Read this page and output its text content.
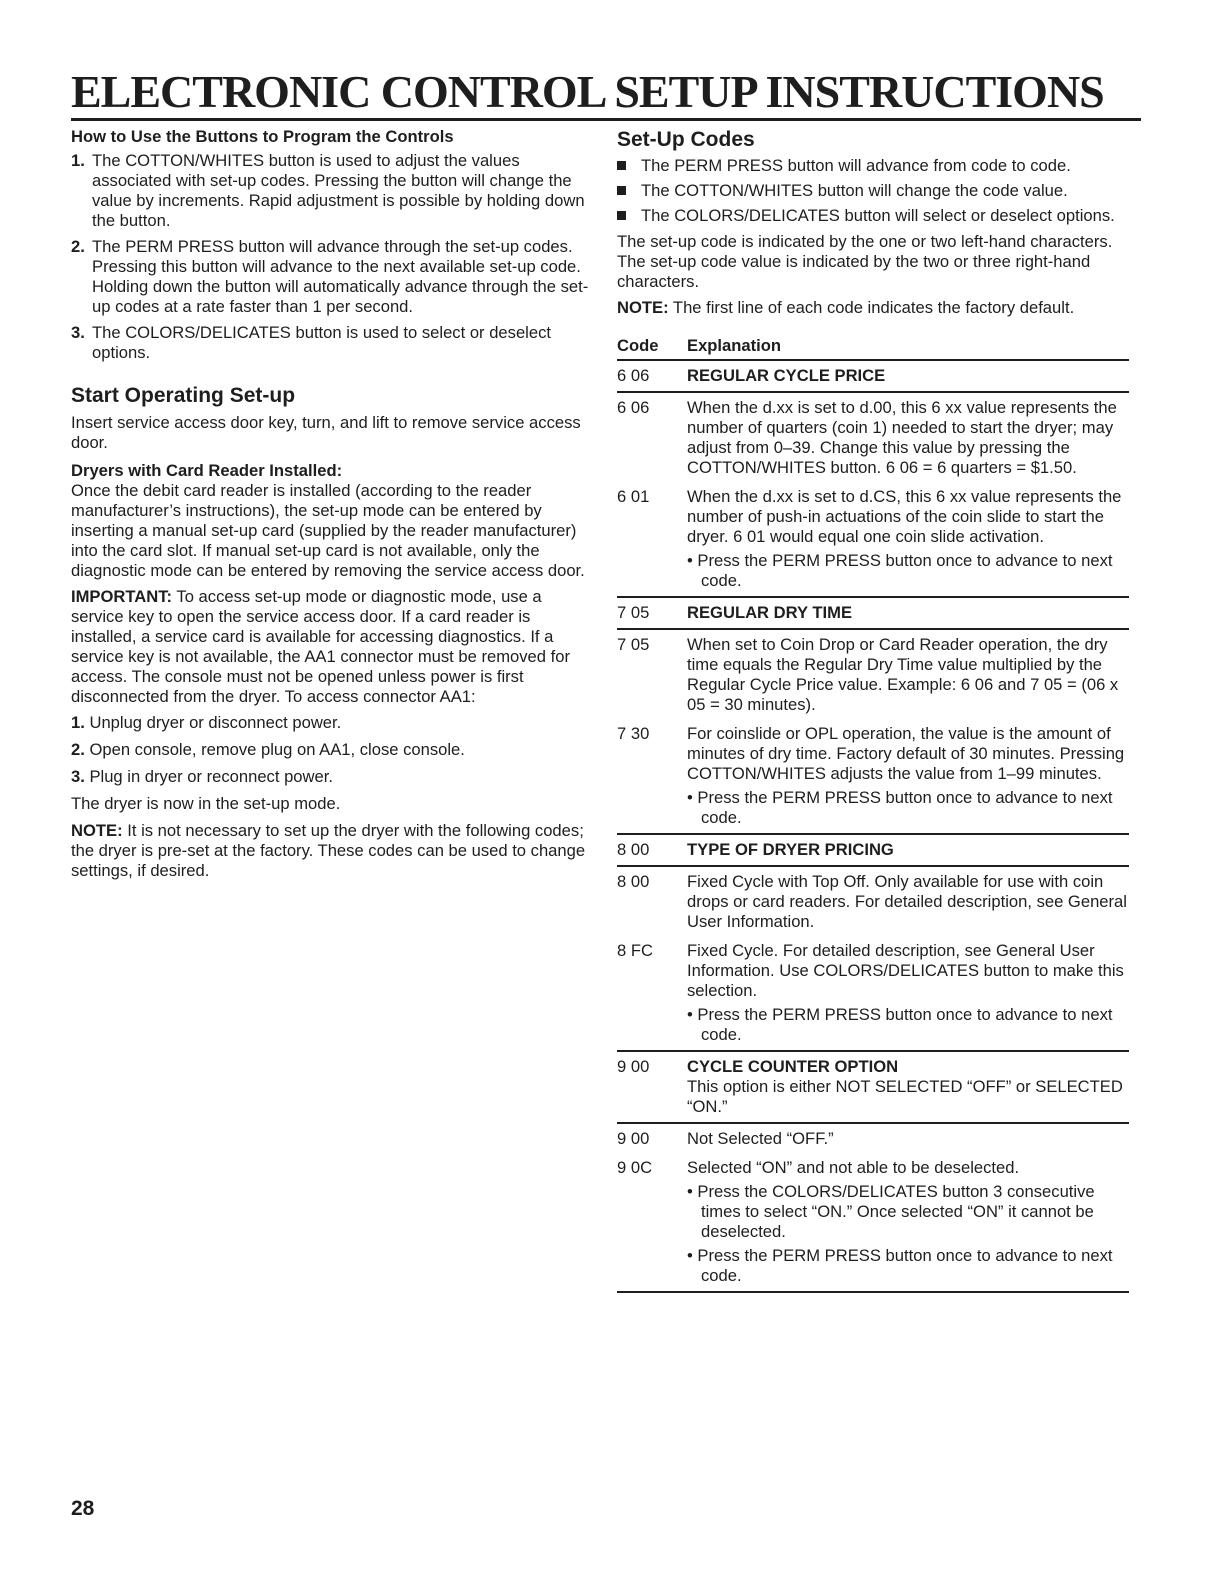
ELECTRONIC CONTROL SETUP INSTRUCTIONS

How to Use the Buttons to Program the Controls

1. The COTTON/WHITES button is used to adjust the values associated with set-up codes. Pressing the button will change the value by increments. Rapid adjustment is possible by holding down the button.
2. The PERM PRESS button will advance through the set-up codes. Pressing this button will advance to the next available set-up code. Holding down the button will automatically advance through the set-up codes at a rate faster than 1 per second.
3. The COLORS/DELICATES button is used to select or deselect options.

Start Operating Set-up

Insert service access door key, turn, and lift to remove service access door.

Dryers with Card Reader Installed:

Once the debit card reader is installed (according to the reader manufacturer’s instructions), the set-up mode can be entered by inserting a manual set-up card (supplied by the reader manufacturer) into the card slot. If manual set-up card is not available, only the diagnostic mode can be entered by removing the service access door.

IMPORTANT: To access set-up mode or diagnostic mode, use a service key to open the service access door. If a card reader is installed, a service card is available for accessing diagnostics. If a service key is not available, the AA1 connector must be removed for access. The console must not be opened unless power is first disconnected from the dryer. To access connector AA1:

1. Unplug dryer or disconnect power.
2. Open console, remove plug on AA1, close console.
3. Plug in dryer or reconnect power.

The dryer is now in the set-up mode.

NOTE: It is not necessary to set up the dryer with the following codes; the dryer is pre-set at the factory. These codes can be used to change settings, if desired.

Set-Up Codes

The PERM PRESS button will advance from code to code.
The COTTON/WHITES button will change the code value.
The COLORS/DELICATES button will select or deselect options.

The set-up code is indicated by the one or two left-hand characters. The set-up code value is indicated by the two or three right-hand characters.

NOTE: The first line of each code indicates the factory default.

Code	Explanation
6 06	REGULAR CYCLE PRICE
6 06	When the d.xx is set to d.00, this 6 xx value represents the number of quarters (coin 1) needed to start the dryer; may adjust from 0–39. Change this value by pressing the COTTON/WHITES button. 6 06 = 6 quarters = $1.50.
6 01	When the d.xx is set to d.CS, this 6 xx value represents the number of push-in actuations of the coin slide to start the dryer. 6 01 would equal one coin slide activation.
• Press the PERM PRESS button once to advance to next code.

7 05	REGULAR DRY TIME
7 05	When set to Coin Drop or Card Reader operation, the dry time equals the Regular Dry Time value multiplied by the Regular Cycle Price value. Example: 6 06 and 7 05 = (06 x 05 = 30 minutes).
7 30	For coinslide or OPL operation, the value is the amount of minutes of dry time. Factory default of 30 minutes. Pressing COTTON/WHITES adjusts the value from 1–99 minutes.
• Press the PERM PRESS button once to advance to next code.

8 00	TYPE OF DRYER PRICING
8 00	Fixed Cycle with Top Off. Only available for use with coin drops or card readers. For detailed description, see General User Information.
8 FC	Fixed Cycle. For detailed description, see General User Information. Use COLORS/DELICATES button to make this selection.
• Press the PERM PRESS button once to advance to next code.

9 00	CYCLE COUNTER OPTION
This option is either NOT SELECTED “OFF” or SELECTED “ON.”
9 00	Not Selected “OFF.”
9 0C	Selected “ON” and not able to be deselected.
• Press the COLORS/DELICATES button 3 consecutive times to select “ON.” Once selected “ON” it cannot be deselected.
• Press the PERM PRESS button once to advance to next code.
28
